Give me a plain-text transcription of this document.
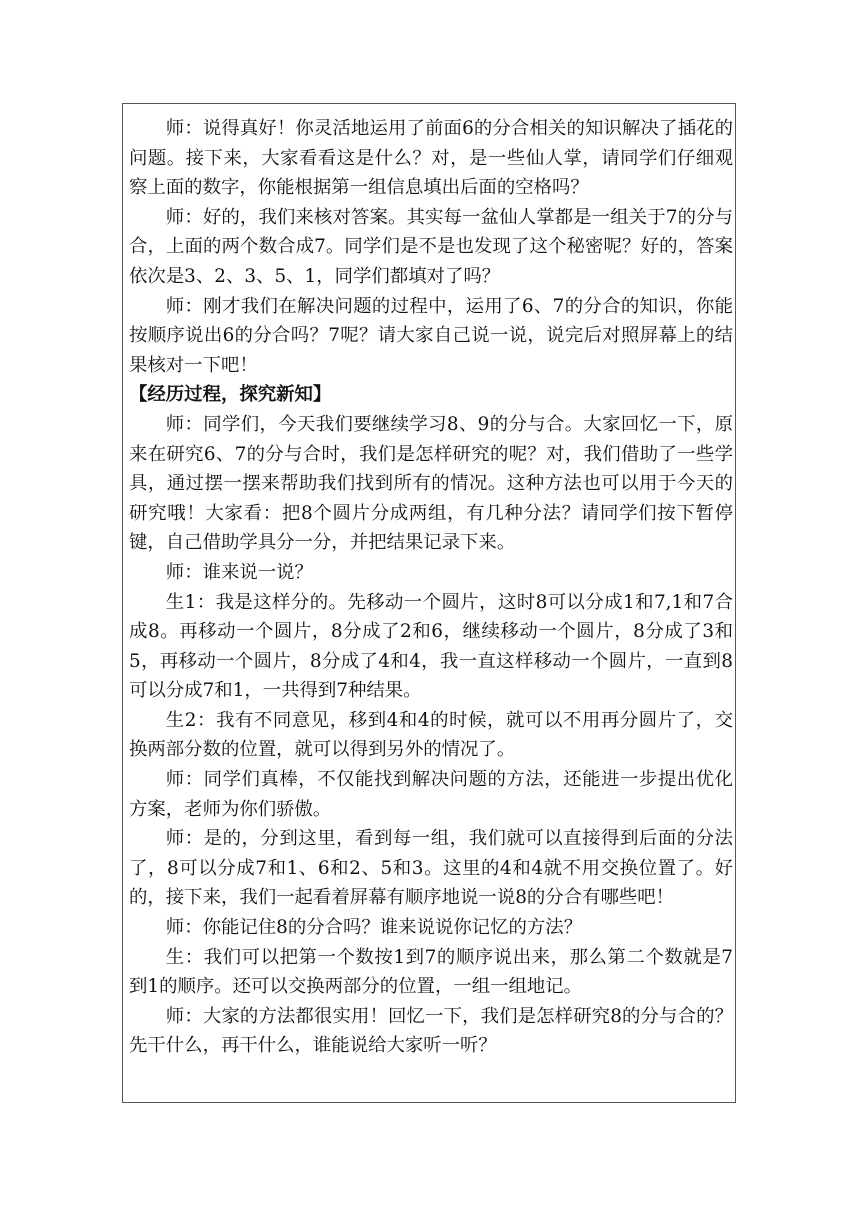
师：说得真好！你灵活地运用了前面6的分合相关的知识解决了插花的问题。接下来，大家看看这是什么？对，是一些仙人掌，请同学们仔细观察上面的数字，你能根据第一组信息填出后面的空格吗？

师：好的，我们来核对答案。其实每一盆仙人掌都是一组关于7的分与合，上面的两个数合成7。同学们是不是也发现了这个秘密呢？好的，答案依次是3、2、3、5、1，同学们都填对了吗？

师：刚才我们在解决问题的过程中，运用了6、7的分合的知识，你能按顺序说出6的分合吗？7呢？请大家自己说一说，说完后对照屏幕上的结果核对一下吧！

【经历过程，探究新知】

师：同学们，今天我们要继续学习8、9的分与合。大家回忆一下，原来在研究6、7的分与合时，我们是怎样研究的呢？对，我们借助了一些学具，通过摆一摆来帮助我们找到所有的情况。这种方法也可以用于今天的研究哦！大家看：把8个圆片分成两组，有几种分法？请同学们按下暂停键，自己借助学具分一分，并把结果记录下来。

师：谁来说一说？

生1：我是这样分的。先移动一个圆片，这时8可以分成1和7,1和7合成8。再移动一个圆片，8分成了2和6，继续移动一个圆片，8分成了3和5，再移动一个圆片，8分成了4和4，我一直这样移动一个圆片，一直到8可以分成7和1，一共得到7种结果。

生2：我有不同意见，移到4和4的时候，就可以不用再分圆片了，交换两部分数的位置，就可以得到另外的情况了。

师：同学们真棒，不仅能找到解决问题的方法，还能进一步提出优化方案，老师为你们骄傲。

师：是的，分到这里，看到每一组，我们就可以直接得到后面的分法了，8可以分成7和1、6和2、5和3。这里的4和4就不用交换位置了。好的，接下来，我们一起看着屏幕有顺序地说一说8的分合有哪些吧！

师：你能记住8的分合吗？谁来说说你记忆的方法？

生：我们可以把第一个数按1到7的顺序说出来，那么第二个数就是7到1的顺序。还可以交换两部分的位置，一组一组地记。

师：大家的方法都很实用！回忆一下，我们是怎样研究8的分与合的？先干什么，再干什么，谁能说给大家听一听？
